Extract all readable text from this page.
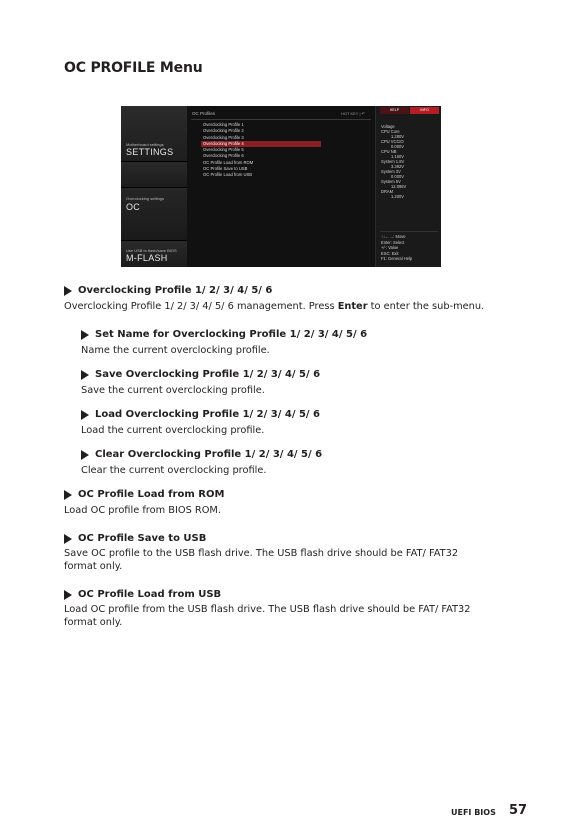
OC PROFILE Menu
Motherboard settings
SETTINGS
Overclocking settings
OC
Use USB to flash/save BIOS
M-FLASH
OC Profiles	HOT KEY | ↶
Overclocking Profile 1
Overclocking Profile 2
Overclocking Profile 3
Overclocking Profile 4
Overclocking Profile 5
Overclocking Profile 6
OC Profile Load from ROM
OC Profile Save to USB
OC Profile Load from USB
HELP	INFO
Voltage
CPU Core
1.280V
CPU VCCIO
0.000V
CPU NB
1.160V
System 1.8V
3.392V
System 3V
0.000V
System 5V
12.096V
DRAM
1.200V
↑↓←→: Move
Enter: Select
+/-: Value
ESC: Exit
F1: General Help
Overclocking Profile 1/ 2/ 3/ 4/ 5/ 6
Overclocking Profile 1/ 2/ 3/ 4/ 5/ 6 management. Press Enter to enter the sub-menu.
Set Name for Overclocking Profile 1/ 2/ 3/ 4/ 5/ 6
Name the current overclocking profile.
Save Overclocking Profile 1/ 2/ 3/ 4/ 5/ 6
Save the current overclocking profile.
Load Overclocking Profile 1/ 2/ 3/ 4/ 5/ 6
Load the current overclocking profile.
Clear Overclocking Profile 1/ 2/ 3/ 4/ 5/ 6
Clear the current overclocking profile.
OC Profile Load from ROM
Load OC profile from BIOS ROM.
OC Profile Save to USB
Save OC profile to the USB flash drive. The USB flash drive should be FAT/ FAT32
format only.
OC Profile Load from USB
Load OC profile from the USB flash drive. The USB flash drive should be FAT/ FAT32
format only.
UEFI BIOS 57
